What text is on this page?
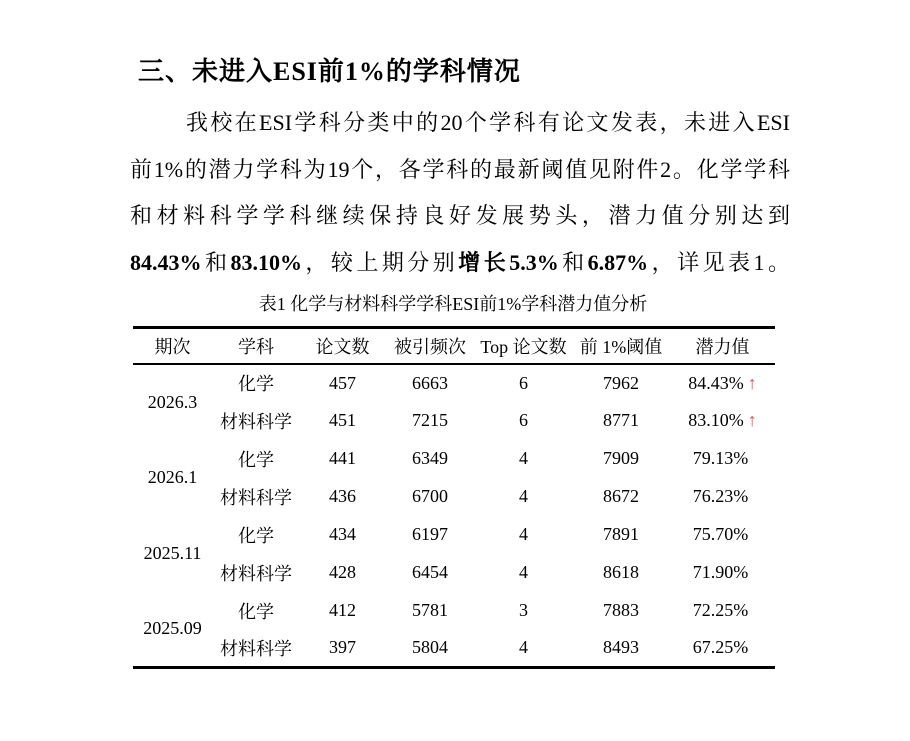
三、未进入ESI前1%的学科情况
我校在ESI学科分类中的20个学科有论文发表，未进入ESI
前1%的潜力学科为19个，各学科的最新阈值见附件2。化学学科
和材料科学学科继续保持良好发展势头，潜力值分别达到
84.43%和83.10%，较上期分别增长5.3%和6.87%，详见表1。
表1 化学与材料科学学科ESI前1%学科潜力值分析
期次	学科	论文数	被引频次	Top 论文数	前 1%阈值	潜力值
2026.3	化学	457	6663	6	7962	84.43% ↑
	材料科学	451	7215	6	8771	83.10% ↑
2026.1	化学	441	6349	4	7909	79.13%
	材料科学	436	6700	4	8672	76.23%
2025.11	化学	434	6197	4	7891	75.70%
	材料科学	428	6454	4	8618	71.90%
2025.09	化学	412	5781	3	7883	72.25%
	材料科学	397	5804	4	8493	67.25%
